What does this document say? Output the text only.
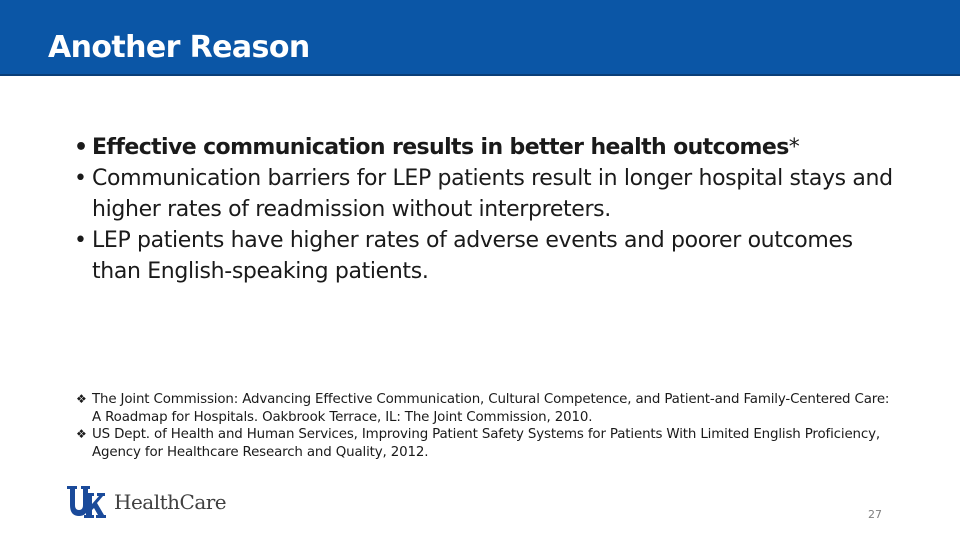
Another Reason
• Effective communication results in better health outcomes*
• Communication barriers for LEP patients result in longer hospital stays and higher rates of readmission without interpreters.
• LEP patients have higher rates of adverse events and poorer outcomes than English-speaking patients.
❖ The Joint Commission: Advancing Effective Communication, Cultural Competence, and Patient-and Family-Centered Care: A Roadmap for Hospitals. Oakbrook Terrace, IL: The Joint Commission, 2010.
❖ US Dept. of Health and Human Services, Improving Patient Safety Systems for Patients With Limited English Proficiency, Agency for Healthcare Research and Quality, 2012.
HealthCare
27
